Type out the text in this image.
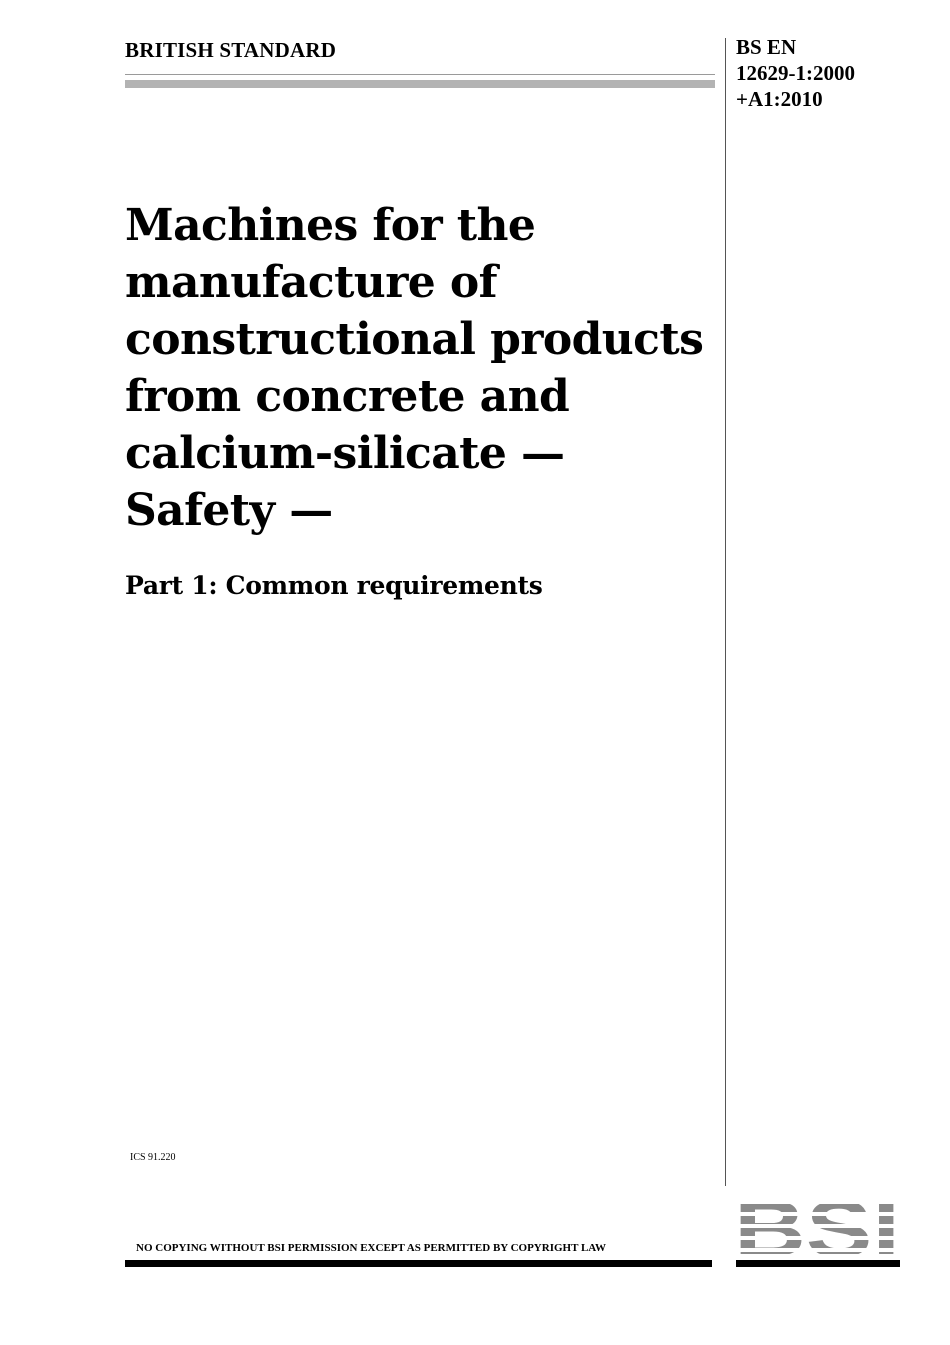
BRITISH STANDARD	BS EN
12629-1:2000
+A1:2010
Machines for the
manufacture of
constructional products
from concrete and
calcium-silicate —
Safety —
Part 1: Common requirements
ICS 91.220
NO COPYING WITHOUT BSI PERMISSION EXCEPT AS PERMITTED BY COPYRIGHT LAW
